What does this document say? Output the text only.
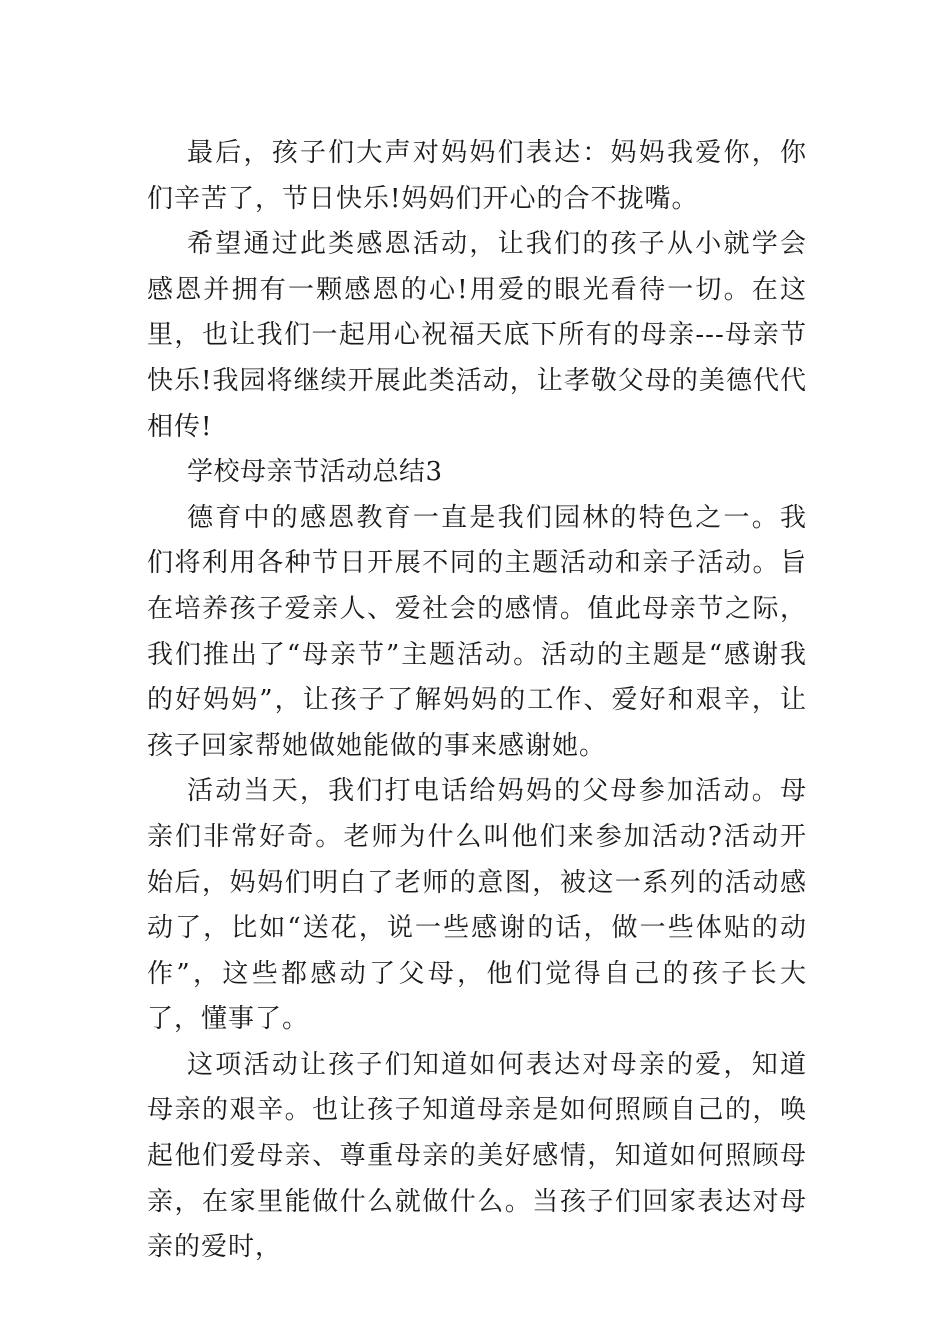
最后，孩子们大声对妈妈们表达：妈妈我爱你，你们辛苦了，节日快乐!妈妈们开心的合不拢嘴。

希望通过此类感恩活动，让我们的孩子从小就学会感恩并拥有一颗感恩的心!用爱的眼光看待一切。在这里，也让我们一起用心祝福天底下所有的母亲---母亲节快乐!我园将继续开展此类活动，让孝敬父母的美德代代相传!

学校母亲节活动总结3

德育中的感恩教育一直是我们园林的特色之一。我们将利用各种节日开展不同的主题活动和亲子活动。旨在培养孩子爱亲人、爱社会的感情。值此母亲节之际，我们推出了“母亲节”主题活动。活动的主题是“感谢我的好妈妈”，让孩子了解妈妈的工作、爱好和艰辛，让孩子回家帮她做她能做的事来感谢她。

活动当天，我们打电话给妈妈的父母参加活动。母亲们非常好奇。老师为什么叫他们来参加活动?活动开始后，妈妈们明白了老师的意图，被这一系列的活动感动了，比如“送花，说一些感谢的话，做一些体贴的动作”，这些都感动了父母，他们觉得自己的孩子长大了，懂事了。

这项活动让孩子们知道如何表达对母亲的爱，知道母亲的艰辛。也让孩子知道母亲是如何照顾自己的，唤起他们爱母亲、尊重母亲的美好感情，知道如何照顾母亲，在家里能做什么就做什么。当孩子们回家表达对母亲的爱时，
